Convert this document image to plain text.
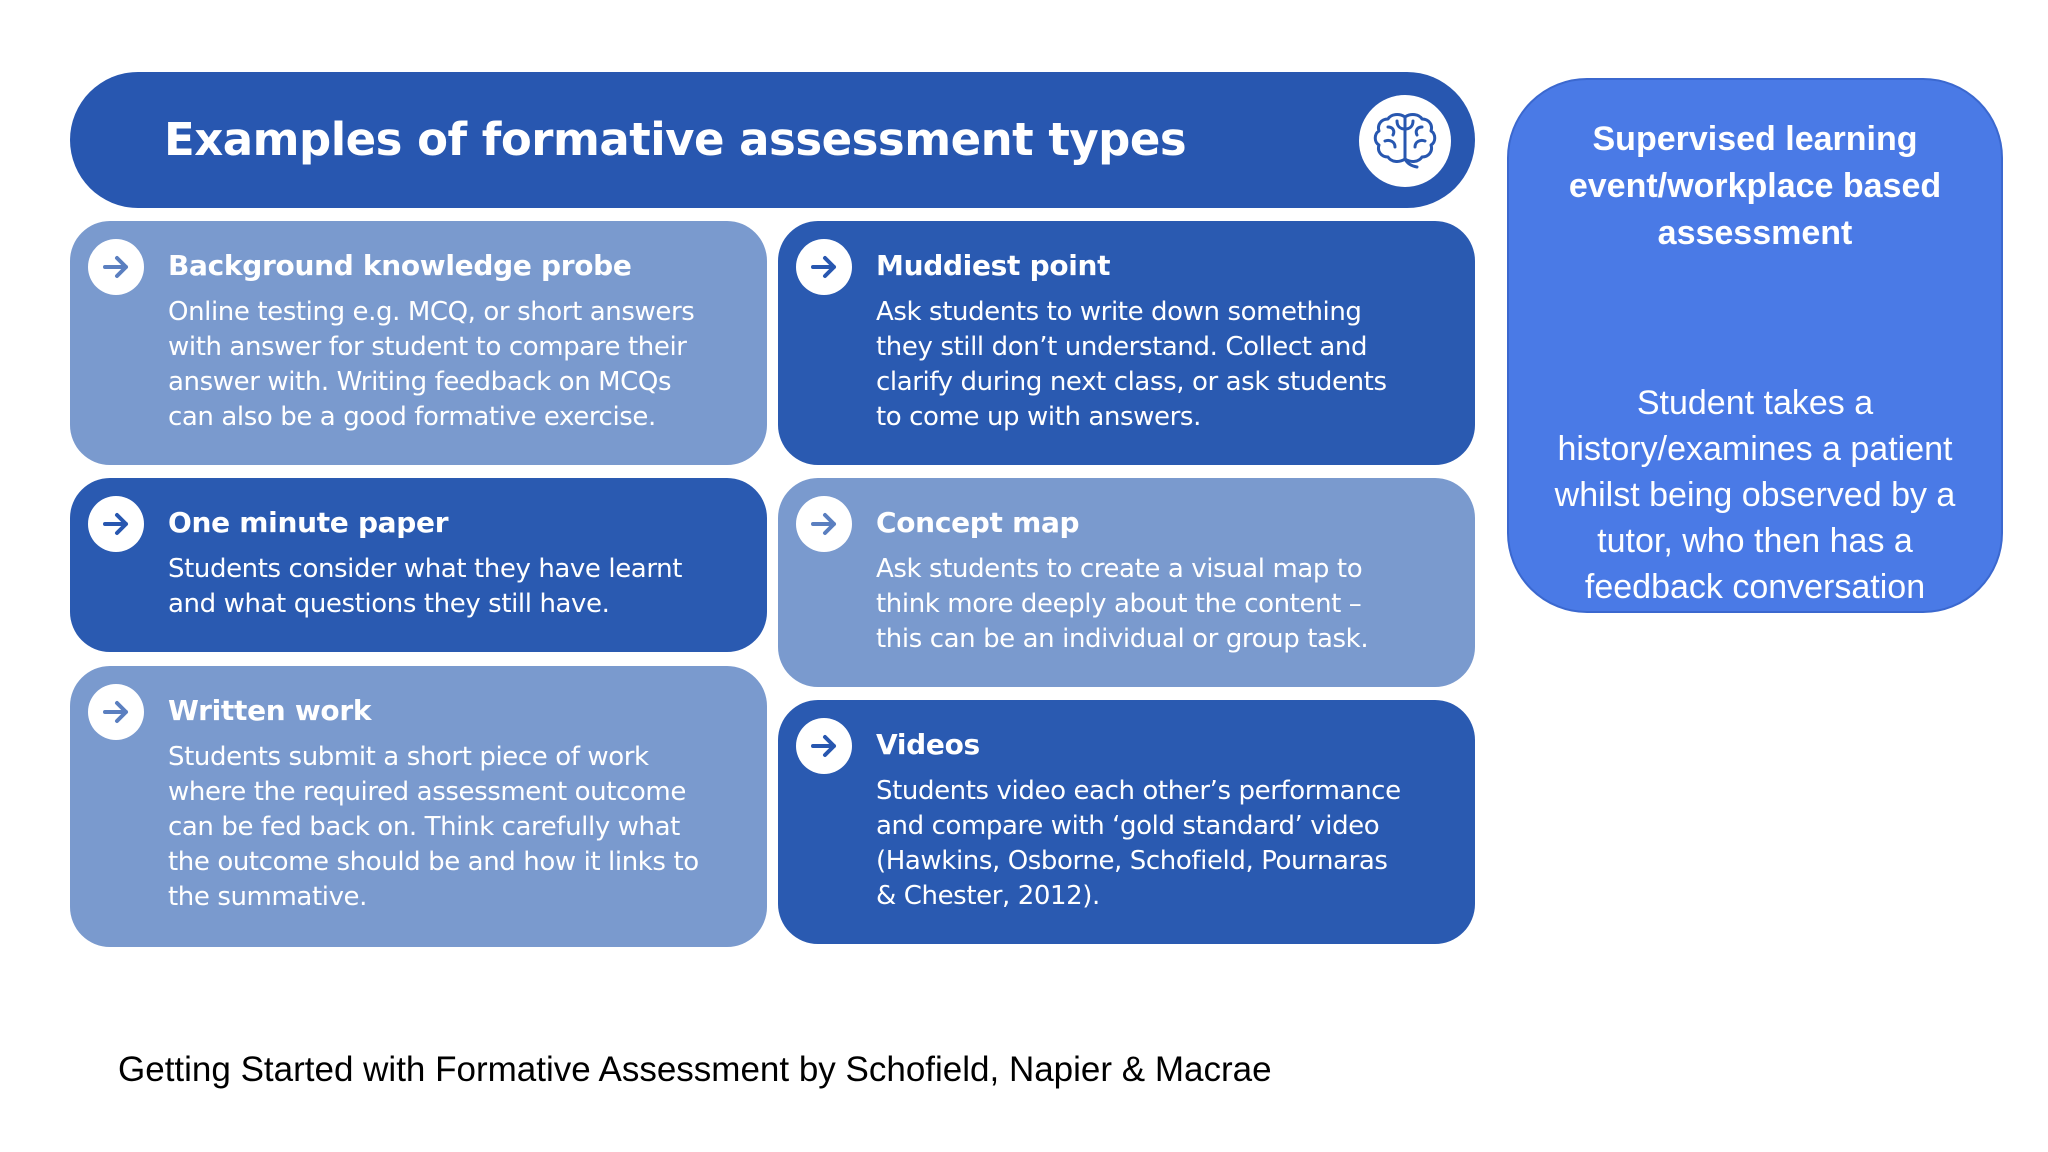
Examples of formative assessment types
Background knowledge probe
Online testing e.g. MCQ, or short answers
with answer for student to compare their
answer with. Writing feedback on MCQs
can also be a good formative exercise.
Muddiest point
Ask students to write down something
they still don’t understand. Collect and
clarify during next class, or ask students
to come up with answers.
One minute paper
Students consider what they have learnt
and what questions they still have.
Concept map
Ask students to create a visual map to
think more deeply about the content –
this can be an individual or group task.
Written work
Students submit a short piece of work
where the required assessment outcome
can be fed back on. Think carefully what
the outcome should be and how it links to
the summative.
Videos
Students video each other’s performance
and compare with ‘gold standard’ video
(Hawkins, Osborne, Schofield, Pournaras
& Chester, 2012).
Supervised learning
event/workplace based
assessment
Student takes a
history/examines a patient
whilst being observed by a
tutor, who then has a
feedback conversation
with them afterwards.
Getting Started with Formative Assessment by Schofield, Napier & Macrae
